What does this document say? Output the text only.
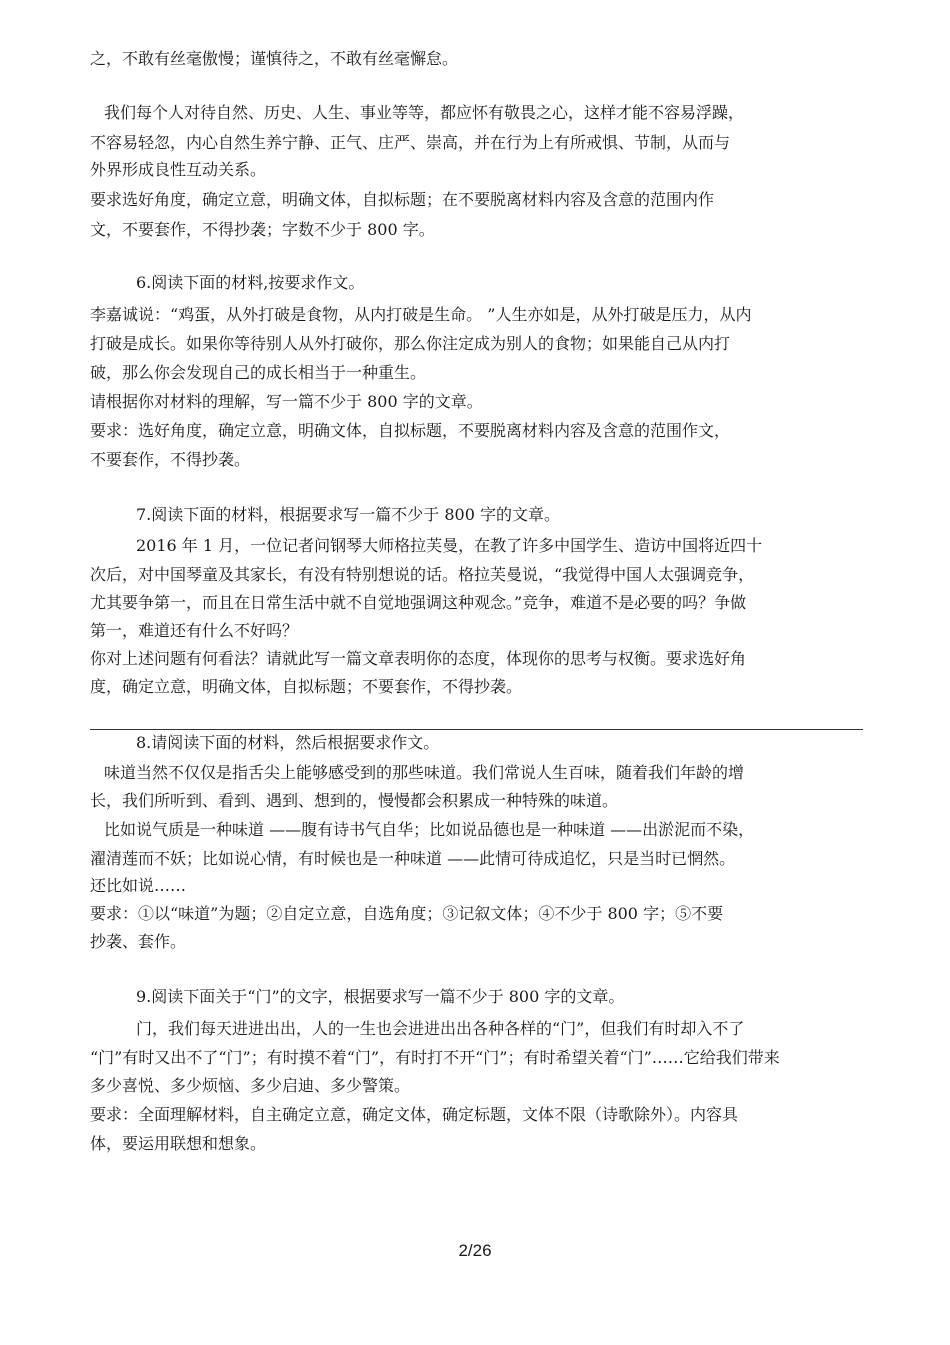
之，不敢有丝毫傲慢；谨慎待之，不敢有丝毫懈怠。
我们每个人对待自然、历史、人生、事业等等，都应怀有敬畏之心，这样才能不容易浮躁，
不容易轻忽，内心自然生养宁静、正气、庄严、崇高，并在行为上有所戒惧、节制，从而与
外界形成良性互动关系。
要求选好角度，确定立意，明确文体，自拟标题；在不要脱离材料内容及含意的范围内作
文，不要套作，不得抄袭；字数不少于 800 字。
6.阅读下面的材料,按要求作文。
李嘉诚说：“鸡蛋，从外打破是食物，从内打破是生命。 ”人生亦如是，从外打破是压力，从内
打破是成长。如果你等待别人从外打破你，那么你注定成为别人的食物；如果能自己从内打
破，那么你会发现自己的成长相当于一种重生。
请根据你对材料的理解，写一篇不少于 800 字的文章。
要求：选好角度，确定立意，明确文体，自拟标题，不要脱离材料内容及含意的范围作文，
不要套作，不得抄袭。
7.阅读下面的材料，根据要求写一篇不少于 800 字的文章。
2016 年 1 月，一位记者问钢琴大师格拉芙曼，在教了许多中国学生、造访中国将近四十
次后，对中国琴童及其家长，有没有特别想说的话。格拉芙曼说，“我觉得中国人太强调竞争，
尤其要争第一，而且在日常生活中就不自觉地强调这种观念。”竞争，难道不是必要的吗？争做
第一，难道还有什么不好吗？
你对上述问题有何看法？请就此写一篇文章表明你的态度，体现你的思考与权衡。要求选好角
度，确定立意，明确文体，自拟标题；不要套作，不得抄袭。
8.请阅读下面的材料，然后根据要求作文。
味道当然不仅仅是指舌尖上能够感受到的那些味道。我们常说人生百味，随着我们年龄的增
长，我们所听到、看到、遇到、想到的，慢慢都会积累成一种特殊的味道。
比如说气质是一种味道 ——腹有诗书气自华；比如说品德也是一种味道 ——出淤泥而不染，
濯清莲而不妖；比如说心情，有时候也是一种味道 ——此情可待成追忆，只是当时已惘然。
还比如说……
要求：①以“味道”为题；②自定立意，自选角度；③记叙文体；④不少于 800 字；⑤不要
抄袭、套作。
9.阅读下面关于“门”的文字，根据要求写一篇不少于 800 字的文章。
门，我们每天进进出出，人的一生也会进进出出各种各样的“门”，但我们有时却入不了
“门”有时又出不了“门”；有时摸不着“门”，有时打不开“门”；有时希望关着“门”……它给我们带来
多少喜悦、多少烦恼、多少启迪、多少警策。
要求：全面理解材料，自主确定立意，确定文体，确定标题，文体不限（诗歌除外）。内容具
体，要运用联想和想象。
2/26
